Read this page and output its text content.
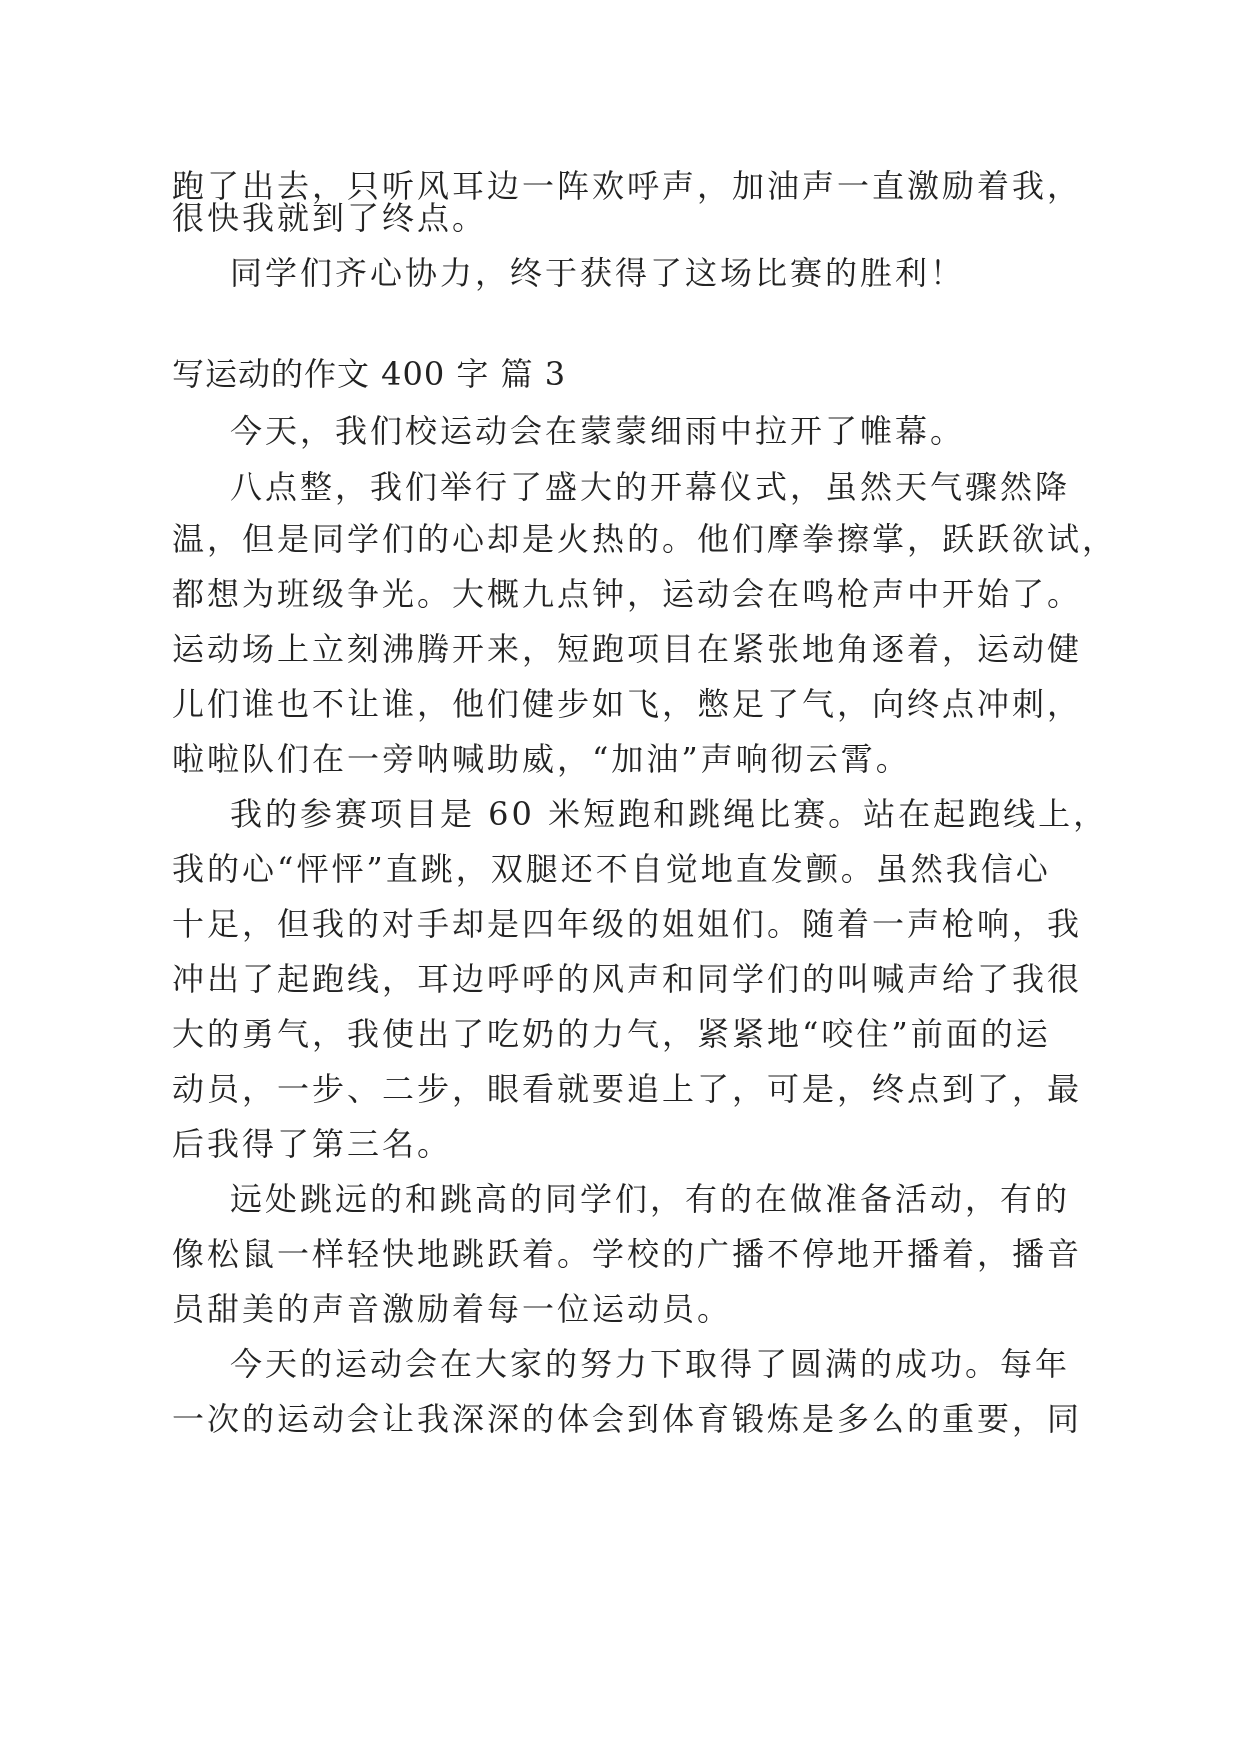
跑了出去，只听风耳边一阵欢呼声，加油声一直激励着我，
很快我就到了终点。
同学们齐心协力，终于获得了这场比赛的胜利！
写运动的作文 400 字 篇 3
今天，我们校运动会在蒙蒙细雨中拉开了帷幕。
八点整，我们举行了盛大的开幕仪式，虽然天气骤然降
温，但是同学们的心却是火热的。他们摩拳擦掌，跃跃欲试，
都想为班级争光。大概九点钟，运动会在鸣枪声中开始了。
运动场上立刻沸腾开来，短跑项目在紧张地角逐着，运动健
儿们谁也不让谁，他们健步如飞，憋足了气，向终点冲刺，
啦啦队们在一旁呐喊助威，“加油”声响彻云霄。
我的参赛项目是 60 米短跑和跳绳比赛。站在起跑线上，
我的心“怦怦”直跳，双腿还不自觉地直发颤。虽然我信心
十足，但我的对手却是四年级的姐姐们。随着一声枪响，我
冲出了起跑线，耳边呼呼的风声和同学们的叫喊声给了我很
大的勇气，我使出了吃奶的力气，紧紧地“咬住”前面的运
动员，一步、二步，眼看就要追上了，可是，终点到了，最
后我得了第三名。
远处跳远的和跳高的同学们，有的在做准备活动，有的
像松鼠一样轻快地跳跃着。学校的广播不停地开播着，播音
员甜美的声音激励着每一位运动员。
今天的运动会在大家的努力下取得了圆满的成功。每年
一次的运动会让我深深的体会到体育锻炼是多么的重要，同
